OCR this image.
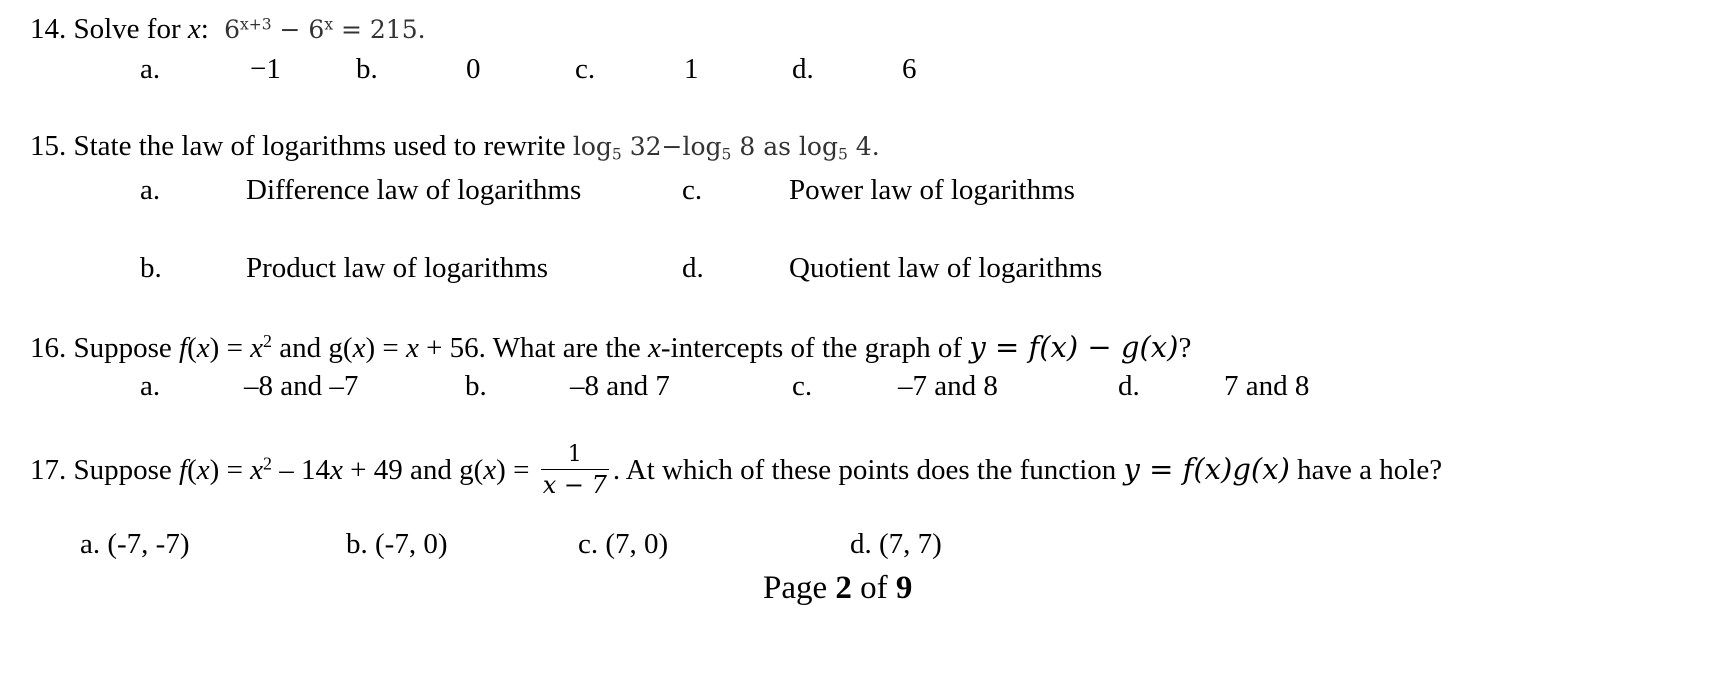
14. Solve for x: $6^{x+3} - 6^x = 215$.
a.	−1	b.	0	c.	1	d.	6
15. State the law of logarithms used to rewrite $\log_5 32-\log_5$ 8 as $\log_5 4$.
a.	Difference law of logarithms	c.	Power law of logarithms
b.	Product law of logarithms	d.	Quotient law of logarithms
16. Suppose $f(x) = x^2$ and g(x) = x + 56. What are the x-intercepts of the graph of y = f(x) − g(x)?
a.	–8 and –7	b.	–8 and 7	c.	–7 and 8	d.	7 and 8
17. Suppose $f(x) = x^2 - 14x + 49$ and $g(x) = \frac{1}{x - 7}$ . At which of these points does the function y = f(x)g(x) have a hole?
a. (-7, -7)	b. (-7, 0)	c. (7, 0)	d. (7, 7)
Page 2 of 9
